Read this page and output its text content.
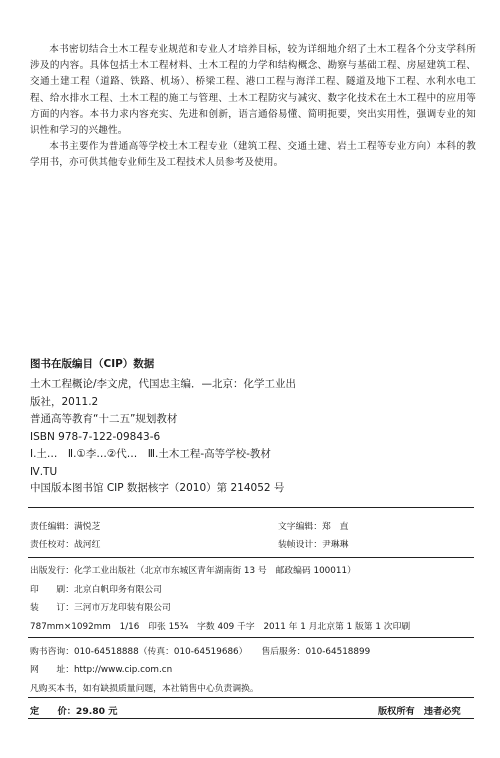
本书密切结合土木工程专业规范和专业人才培养目标，较为详细地介绍了土木工程各个分支学科所涉及的内容。具体包括土木工程材料、土木工程的力学和结构概念、勘察与基础工程、房屋建筑工程、交通土建工程（道路、铁路、机场）、桥梁工程、港口工程与海洋工程、隧道及地下工程、水利水电工程、给水排水工程、土木工程的施工与管理、土木工程防灾与减灾、数字化技术在土木工程中的应用等方面的内容。本书力求内容充实、先进和创新，语言通俗易懂、简明扼要，突出实用性，强调专业的知识性和学习的兴趣性。

本书主要作为普通高等学校土木工程专业（建筑工程、交通土建、岩土工程等专业方向）本科的教学用书，亦可供其他专业师生及工程技术人员参考及使用。

图书在版编目（CIP）数据
土木工程概论/李文虎，代国忠主编．—北京：化学工业出
版社，2011.2
普通高等教育“十二五”规划教材
ISBN 978-7-122-09843-6
Ⅰ.土…　Ⅱ.①李…②代…　Ⅲ.土木工程-高等学校-教材
Ⅳ.TU
中国版本图书馆 CIP 数据核字（2010）第 214052 号
责任编辑：满悦芝
责任校对：战河红
文字编辑：郑　直
装帧设计：尹琳琳
出版发行：化学工业出版社（北京市东城区青年湖南街 13 号　邮政编码 100011）
印　　刷：北京白帆印务有限公司
装　　订：三河市万龙印装有限公司
787mm×1092mm　1/16　印张 15¾　字数 409 千字　2011 年 1 月北京第 1 版第 1 次印刷
购书咨询：010-64518888（传真：010-64519686） 售后服务：010-64518899
网　　址：http://www.cip.com.cn
凡购买本书，如有缺损质量问题，本社销售中心负责调换。
定　　价：29.80 元	版权所有　违者必究
